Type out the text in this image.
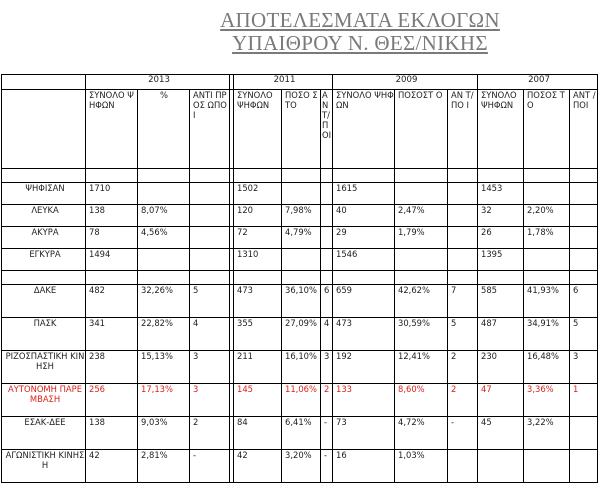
ΑΠΟΤΕΛΕΣΜΑΤΑ ΕΚΛΟΓΩΝ
ΥΠΑΙΘΡΟΥ Ν. ΘΕΣ/ΝΙΚΗΣ
	2013				2011			2009			2007		
	ΣΥΝΟΛΟ ΨΗΦΩΝ	%	ΑΝΤΙ ΠΡΟΣ ΩΠΟΙ		ΣΥΝΟΛΟ ΨΗΦΩΝ	ΠΟΣΟ ΣΤΟ	ΑΝΤ/ΠΟΙ	ΣΥΝΟΛΟ ΨΗΦΩΝ	ΠΟΣΟΣΤ Ο	ΑΝ Τ/ΠΟ Ι	ΣΥΝΟΛΟ ΨΗΦΩΝ	ΠΟΣΟΣ ΤΟ	ΑΝΤ /ΠΟΙ

ΨΗΦΙΣΑΝ	1710				1502			1615			1453		
ΛΕΥΚΑ	138	8,07%			120	7,98%		40	2,47%		32	2,20%	
ΑΚΥΡΑ	78	4,56%			72	4,79%		29	1,79%		26	1,78%	
ΕΓΚΥΡΑ	1494				1310			1546			1395		

ΔΑΚΕ	482	32,26%	5		473	36,10%	6	659	42,62%	7	585	41,93%	6
ΠΑΣΚ	341	22,82%	4		355	27,09%	4	473	30,59%	5	487	34,91%	5
ΡΙΖΟΣΠΑΣΤΙΚΗ ΚΙΝΗΣΗ	238	15,13%	3		211	16,10%	3	192	12,41%	2	230	16,48%	3
ΑΥΤΟΝΟΜΗ ΠΑΡΕΜΒΑΣΗ	256	17,13%	3		145	11,06%	2	133	8,60%	2	47	3,36%	1
ΕΣΑΚ-ΔΕΕ	138	9,03%	2		84	6,41%	-	73	4,72%	-	45	3,22%	
ΑΓΩΝΙΣΤΙΚΗ ΚΙΝΗΣΗ	42	2,81%	-		42	3,20%	-	16	1,03%				
